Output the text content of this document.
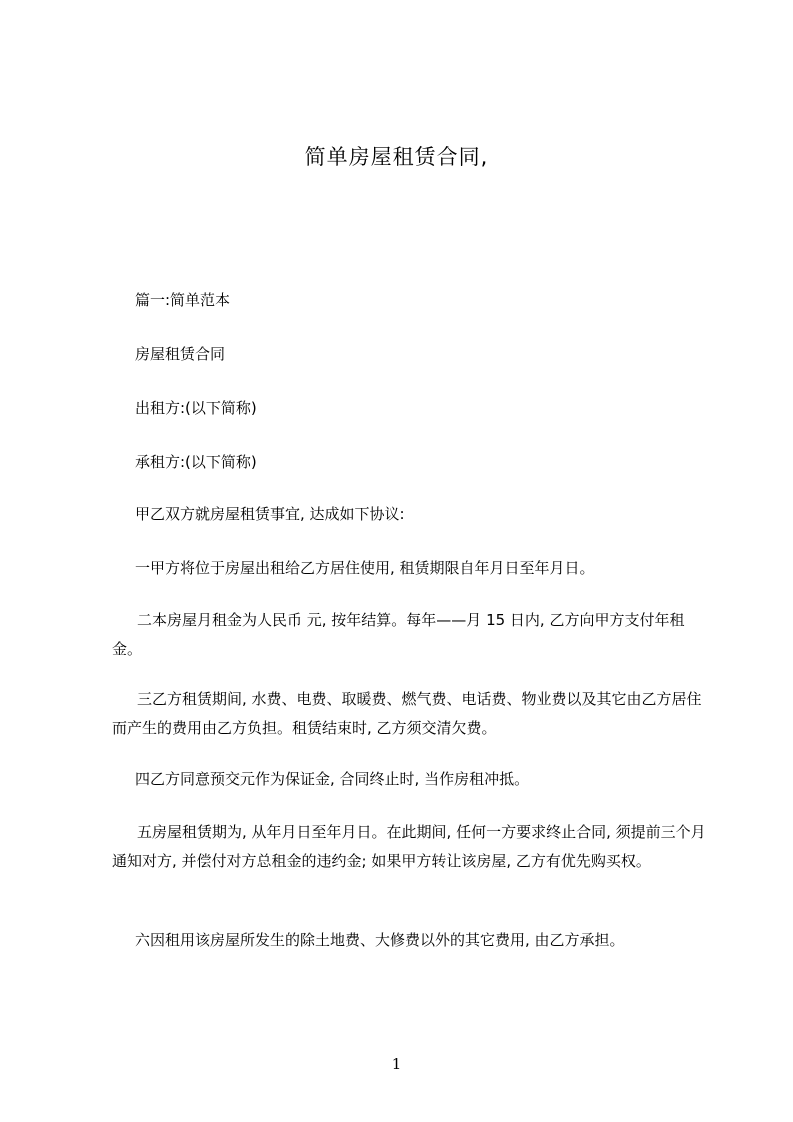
简单房屋租赁合同,
篇一:简单范本
房屋租赁合同
出租方:(以下简称)
承租方:(以下简称)
甲乙双方就房屋租赁事宜, 达成如下协议:
一甲方将位于房屋出租给乙方居住使用, 租赁期限自年月日至年月日。
二本房屋月租金为人民币 元, 按年结算。每年——月 15 日内, 乙方向甲方支付年租金。
三乙方租赁期间, 水费、电费、取暖费、燃气费、电话费、物业费以及其它由乙方居住而产生的费用由乙方负担。租赁结束时, 乙方须交清欠费。
四乙方同意预交元作为保证金, 合同终止时, 当作房租冲抵。
五房屋租赁期为, 从年月日至年月日。在此期间, 任何一方要求终止合同, 须提前三个月通知对方, 并偿付对方总租金的违约金; 如果甲方转让该房屋, 乙方有优先购买权。
六因租用该房屋所发生的除土地费、大修费以外的其它费用, 由乙方承担。
1
